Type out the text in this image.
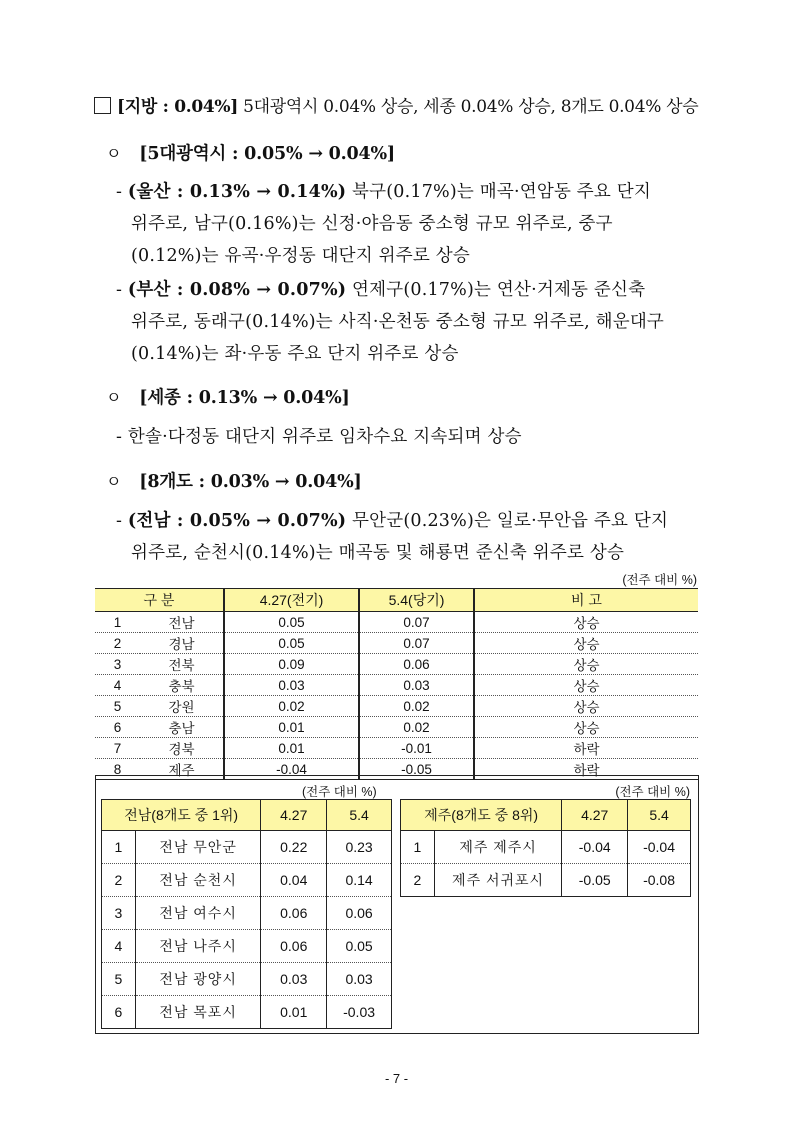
[지방 : 0.04%] 5대광역시 0.04% 상승, 세종 0.04% 상승, 8개도 0.04% 상승
ㅇ [5대광역시 : 0.05% → 0.04%]
- (울산 : 0.13% → 0.14%) 북구(0.17%)는 매곡·연암동 주요 단지
위주로, 남구(0.16%)는 신정·야음동 중소형 규모 위주로, 중구
(0.12%)는 유곡·우정동 대단지 위주로 상승
- (부산 : 0.08% → 0.07%) 연제구(0.17%)는 연산·거제동 준신축
위주로, 동래구(0.14%)는 사직·온천동 중소형 규모 위주로, 해운대구
(0.14%)는 좌·우동 주요 단지 위주로 상승
ㅇ [세종 : 0.13% → 0.04%]
- 한솔·다정동 대단지 위주로 임차수요 지속되며 상승
ㅇ [8개도 : 0.03% → 0.04%]
- (전남 : 0.05% → 0.07%) 무안군(0.23%)은 일로·무안읍 주요 단지
위주로, 순천시(0.14%)는 매곡동 및 해룡면 준신축 위주로 상승
(전주 대비 %)
구 분		4.27(전기)	5.4(당기)	비 고
1	전남	0.05	0.07	상승
2	경남	0.05	0.07	상승
3	전북	0.09	0.06	상승
4	충북	0.03	0.03	상승
5	강원	0.02	0.02	상승
6	충남	0.01	0.02	상승
7	경북	0.01	-0.01	하락
8	제주	-0.04	-0.05	하락
(전주 대비 %)	(전주 대비 %)
전남(8개도 중 1위)		4.27	5.4
1	전남 무안군	0.22	0.23
2	전남 순천시	0.04	0.14
3	전남 여수시	0.06	0.06
4	전남 나주시	0.06	0.05
5	전남 광양시	0.03	0.03
6	전남 목포시	0.01	-0.03
제주(8개도 중 8위)		4.27	5.4
1	제주 제주시	-0.04	-0.04
2	제주 서귀포시	-0.05	-0.08
- 7 -
